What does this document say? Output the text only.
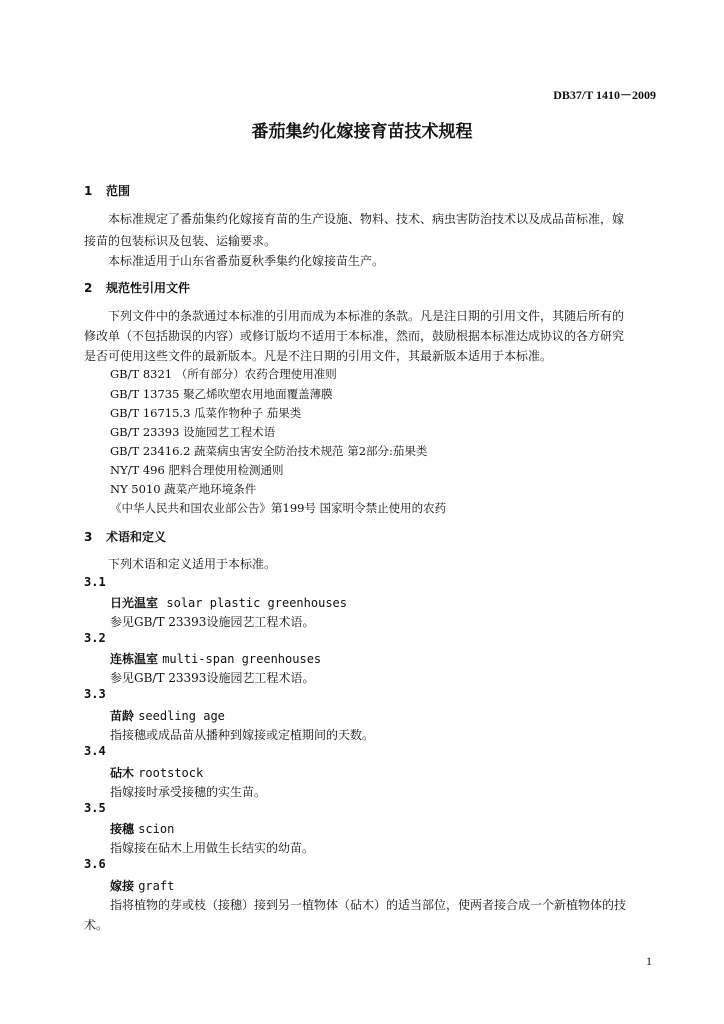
DB37/T 1410－2009
番茄集约化嫁接育苗技术规程
1 范围
本标准规定了番茄集约化嫁接育苗的生产设施、物料、技术、病虫害防治技术以及成品苗标准，嫁
接苗的包装标识及包装、运输要求。
本标准适用于山东省番茄夏秋季集约化嫁接苗生产。
2 规范性引用文件
下列文件中的条款通过本标准的引用而成为本标准的条款。凡是注日期的引用文件，其随后所有的
修改单（不包括勘误的内容）或修订版均不适用于本标准，然而，鼓励根据本标准达成协议的各方研究
是否可使用这些文件的最新版本。凡是不注日期的引用文件，其最新版本适用于本标准。
GB/T 8321 （所有部分）农药合理使用准则
GB/T 13735 聚乙烯吹塑农用地面覆盖薄膜
GB/T 16715.3 瓜菜作物种子 茄果类
GB/T 23393 设施园艺工程术语
GB/T 23416.2 蔬菜病虫害安全防治技术规范 第2部分:茄果类
NY/T 496 肥料合理使用检测通则
NY 5010 蔬菜产地环境条件
《中华人民共和国农业部公告》第199号 国家明令禁止使用的农药
3 术语和定义
下列术语和定义适用于本标准。
3.1
日光温室 solar plastic greenhouses
参见GB/T 23393设施园艺工程术语。
3.2
连栋温室 multi-span greenhouses
参见GB/T 23393设施园艺工程术语。
3.3
苗龄 seedling age
指接穗或成品苗从播种到嫁接或定植期间的天数。
3.4
砧木 rootstock
指嫁接时承受接穗的实生苗。
3.5
接穗 scion
指嫁接在砧木上用做生长结实的幼苗。
3.6
嫁接 graft
指将植物的芽或枝（接穗）接到另一植物体（砧木）的适当部位，使两者接合成一个新植物体的技
术。
1
